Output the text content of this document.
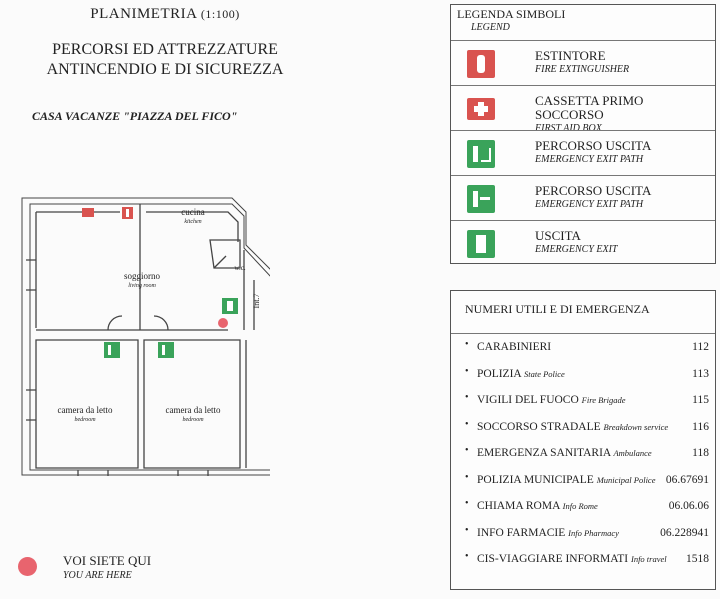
PLANIMETRIA (1:100)
PERCORSI ED ATTREZZATURE
ANTINCENDIO E DI SICUREZZA
CASA VACANZE "PIAZZA DEL FICO"
cucina
kitchen
soggiorno
living room
w.c.
Int.7
camera da letto
bedroom
camera da letto
bedroom
VOI SIETE QUI
YOU ARE HERE
LEGENDA SIMBOLI
LEGEND
ESTINTORE
FIRE EXTINGUISHER
CASSETTA PRIMO SOCCORSO
FIRST AID BOX
PERCORSO USCITA
EMERGENCY EXIT PATH
PERCORSO USCITA
EMERGENCY EXIT PATH
USCITA
EMERGENCY EXIT
NUMERI UTILI E DI EMERGENZA
• CARABINIERI	112
• POLIZIA State Police	113
• VIGILI DEL FUOCO Fire Brigade	115
• SOCCORSO STRADALE Breakdown service 116
• EMERGENZA SANITARIA Ambulance	118
• POLIZIA MUNICIPALE Municipal Police 06.67691
• CHIAMA ROMA Info Rome	06.06.06
• INFO FARMACIE Info Pharmacy	06.228941
• CIS-VIAGGIARE INFORMATI Info travel 1518
